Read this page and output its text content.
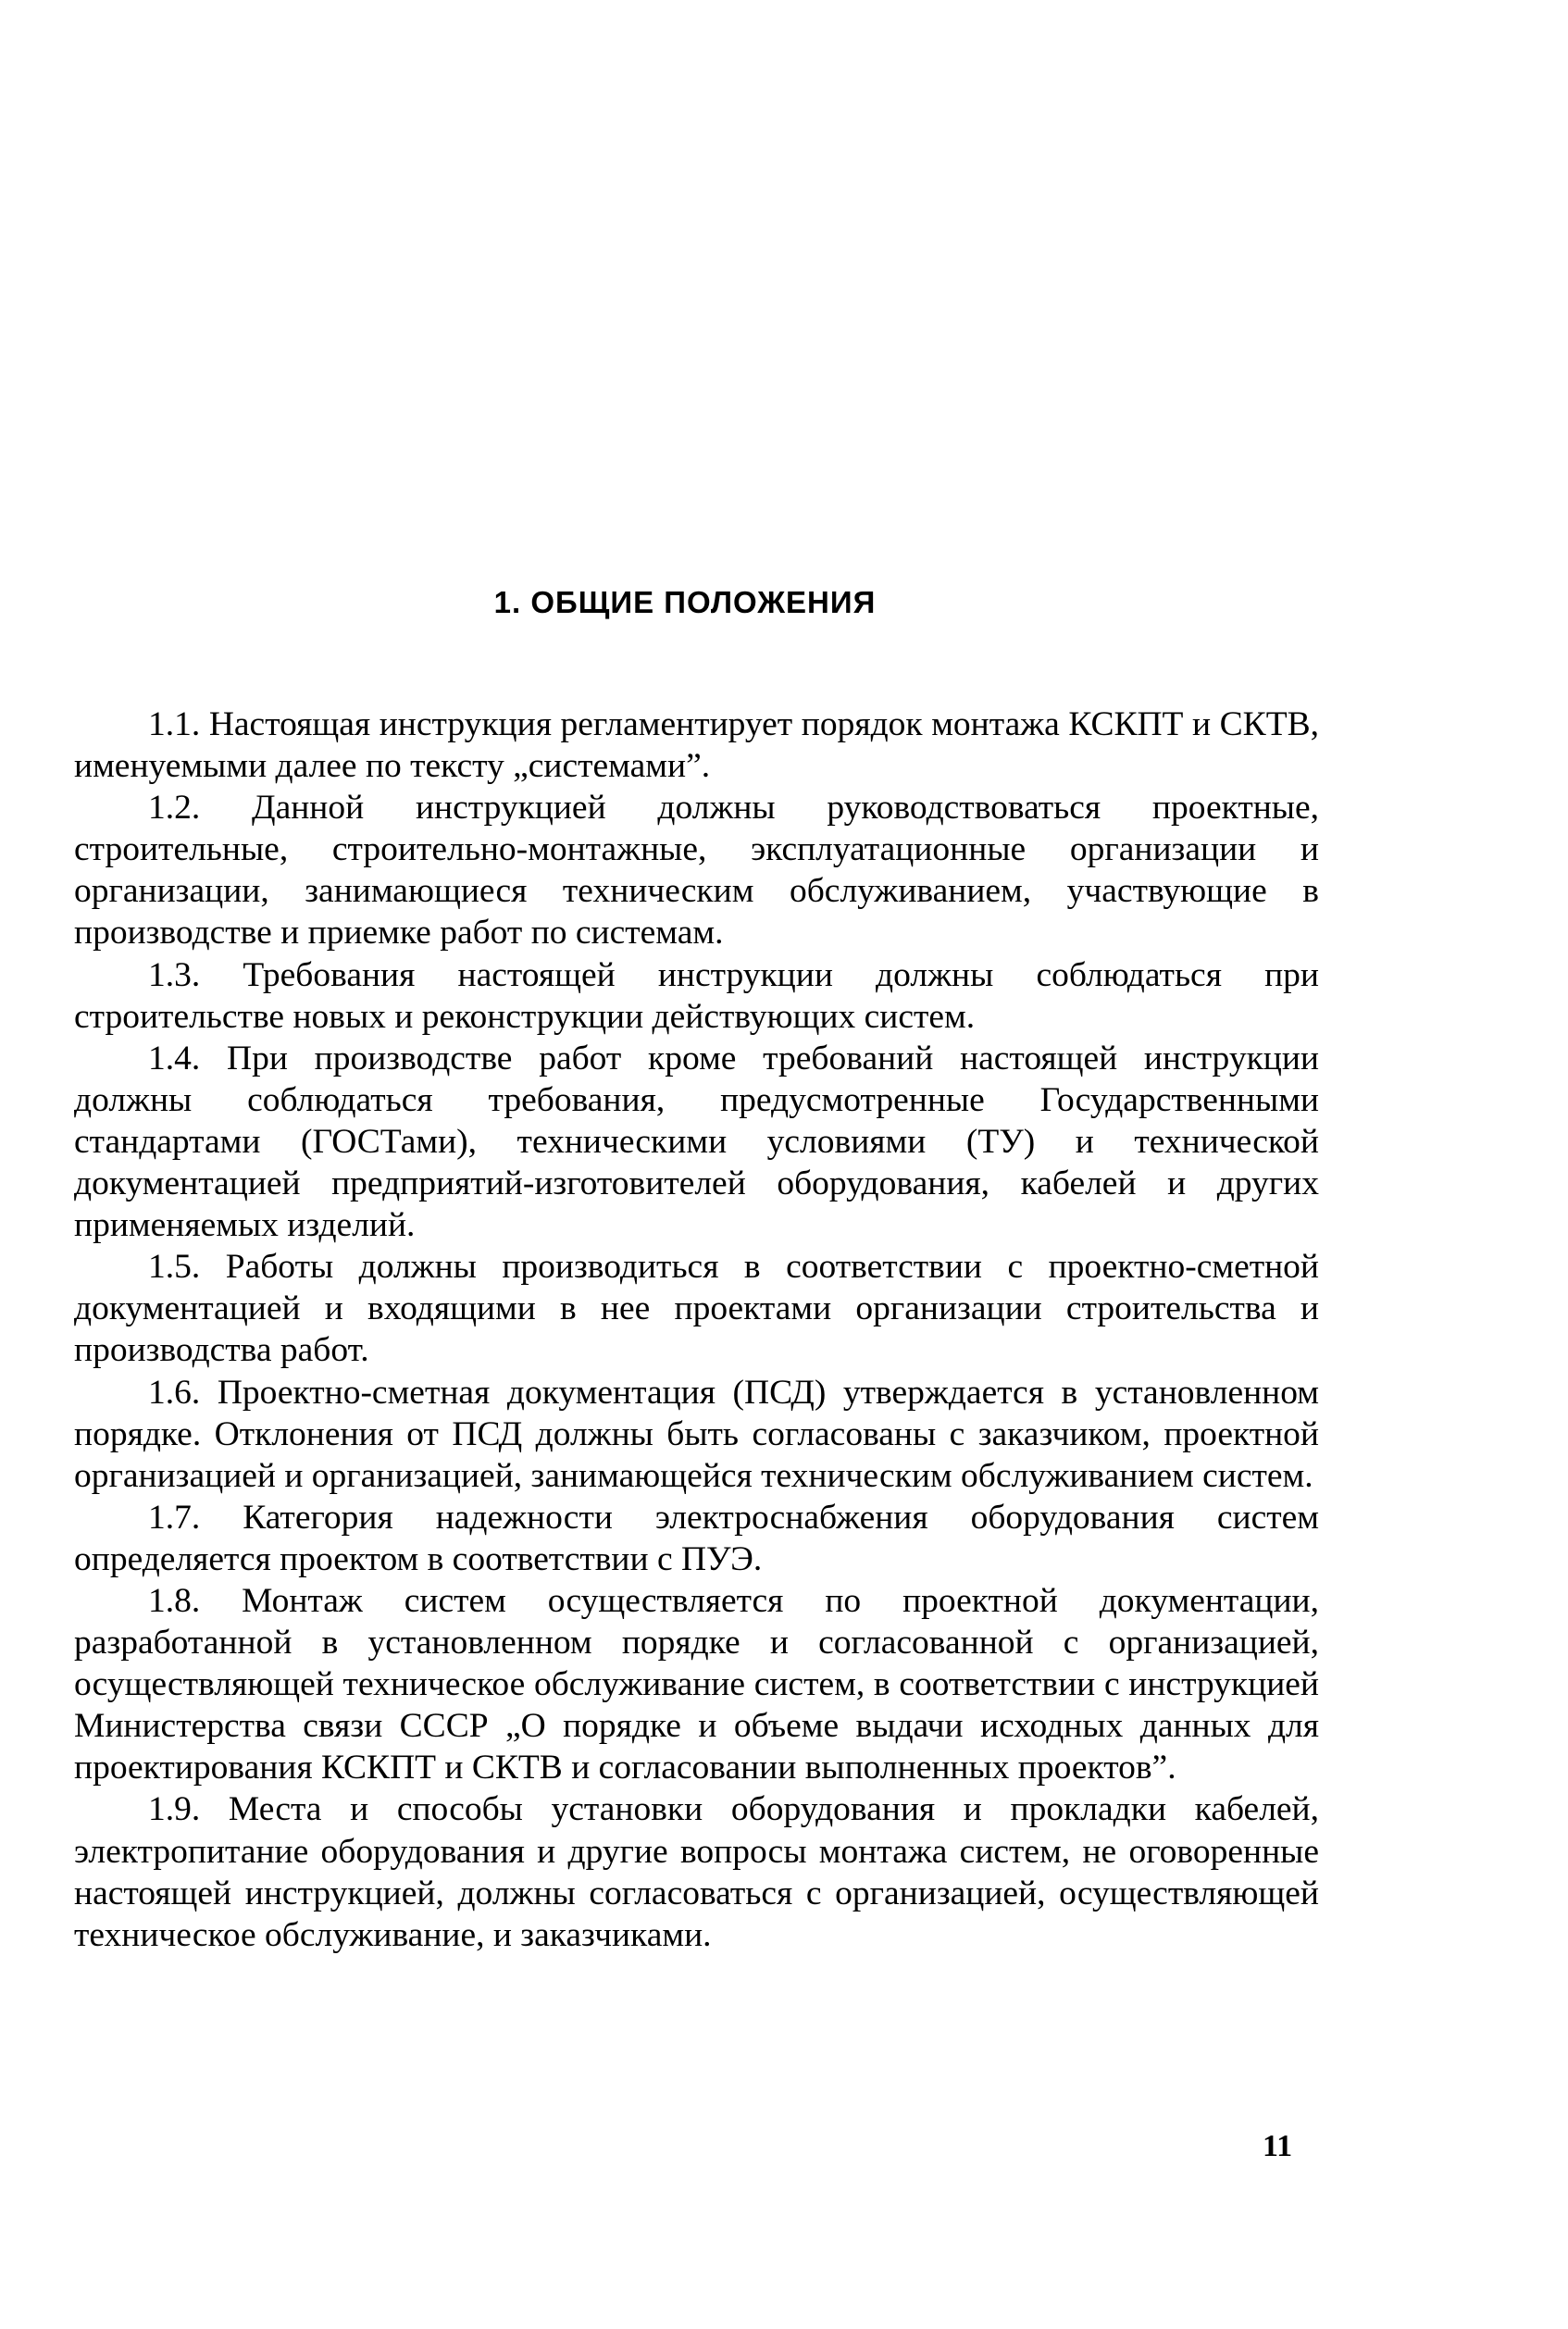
1. ОБЩИЕ ПОЛОЖЕНИЯ

1.1. Настоящая инструкция регламентирует порядок монтажа КСКПТ и СКТВ, именуемыми далее по тексту „системами”.

1.2. Данной инструкцией должны руководствоваться проектные, строительные, строительно-монтажные, эксплуатационные организации и организации, занимающиеся техническим обслуживанием, участвующие в производстве и приемке работ по системам.

1.3. Требования настоящей инструкции должны соблюдаться при строительстве новых и реконструкции действующих систем.

1.4. При производстве работ кроме требований настоящей инструкции должны соблюдаться требования, предусмотренные Государственными стандартами (ГОСТами), техническими условиями (ТУ) и технической документацией предприятий-изготовителей оборудования, кабелей и других применяемых изделий.

1.5. Работы должны производиться в соответствии с проектно-сметной документацией и входящими в нее проектами организации строительства и производства работ.

1.6. Проектно-сметная документация (ПСД) утверждается в установленном порядке. Отклонения от ПСД должны быть согласованы с заказчиком, проектной организацией и организацией, занимающейся техническим обслуживанием систем.

1.7. Категория надежности электроснабжения оборудования систем определяется проектом в соответствии с ПУЭ.

1.8. Монтаж систем осуществляется по проектной документации, разработанной в установленном порядке и согласованной с организацией, осуществляющей техническое обслуживание систем, в соответствии с инструкцией Министерства связи СССР „О порядке и объеме выдачи исходных данных для проектирования КСКПТ и СКТВ и согласовании выполненных проектов”.

1.9. Места и способы установки оборудования и прокладки кабелей, электропитание оборудования и другие вопросы монтажа систем, не оговоренные настоящей инструкцией, должны согласоваться с организацией, осуществляющей техническое обслуживание, и заказчиками.

11
